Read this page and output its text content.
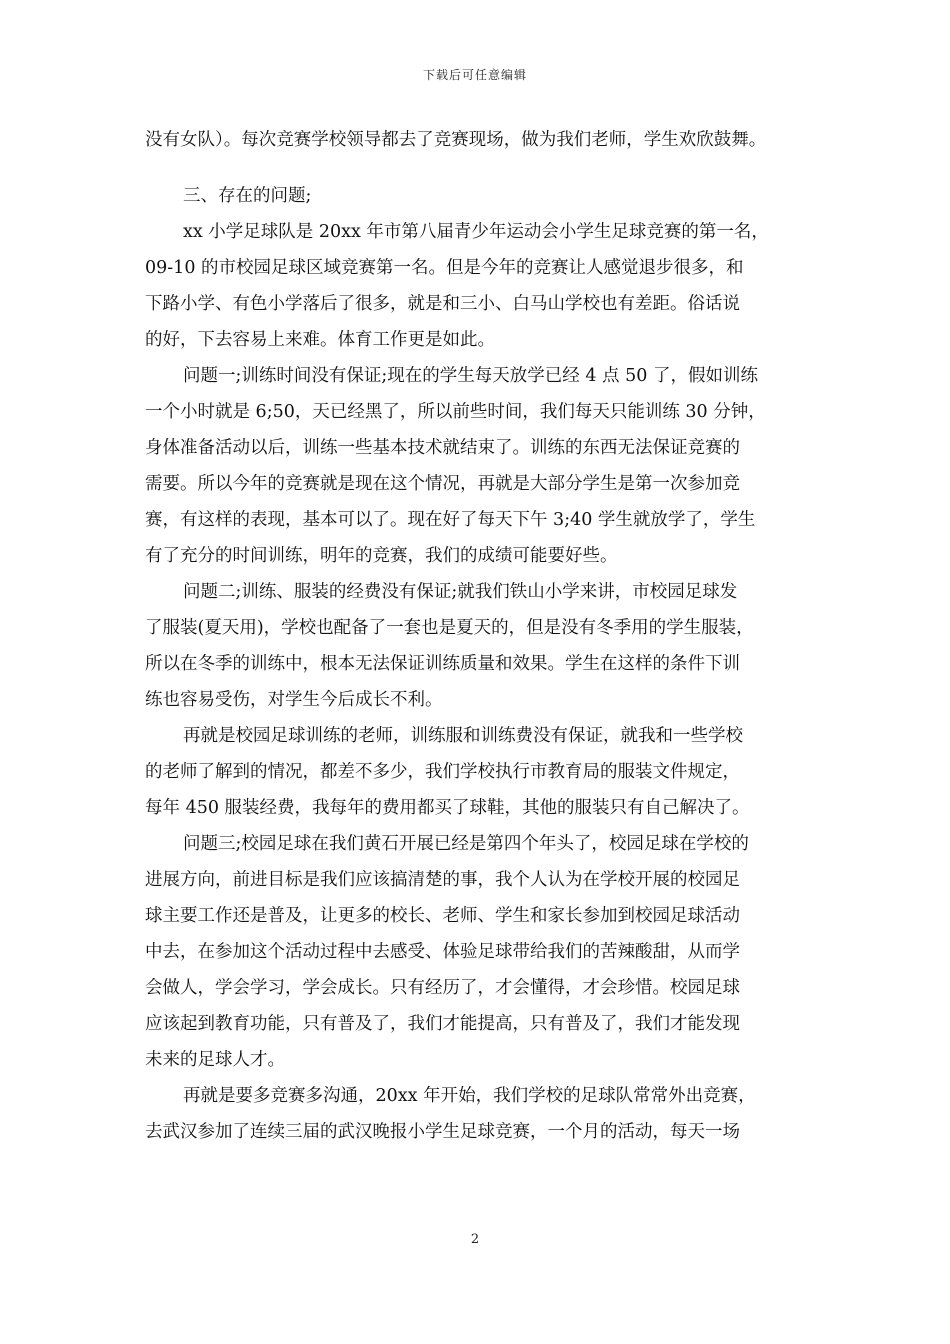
下载后可任意编辑
没有女队）。每次竞赛学校领导都去了竞赛现场，做为我们老师，学生欢欣鼓舞。
三、存在的问题;
xx 小学足球队是 20xx 年市第八届青少年运动会小学生足球竞赛的第一名，
09-10 的市校园足球区域竞赛第一名。但是今年的竞赛让人感觉退步很多，和
下路小学、有色小学落后了很多，就是和三小、白马山学校也有差距。俗话说
的好，下去容易上来难。体育工作更是如此。
问题一;训练时间没有保证;现在的学生每天放学已经 4 点 50 了，假如训练
一个小时就是 6;50，天已经黑了，所以前些时间，我们每天只能训练 30 分钟，
身体准备活动以后，训练一些基本技术就结束了。训练的东西无法保证竞赛的
需要。所以今年的竞赛就是现在这个情况，再就是大部分学生是第一次参加竞
赛，有这样的表现，基本可以了。现在好了每天下午 3;40 学生就放学了，学生
有了充分的时间训练，明年的竞赛，我们的成绩可能要好些。
问题二;训练、服装的经费没有保证;就我们铁山小学来讲，市校园足球发
了服装(夏天用)，学校也配备了一套也是夏天的，但是没有冬季用的学生服装，
所以在冬季的训练中，根本无法保证训练质量和效果。学生在这样的条件下训
练也容易受伤，对学生今后成长不利。
再就是校园足球训练的老师，训练服和训练费没有保证，就我和一些学校
的老师了解到的情况，都差不多少，我们学校执行市教育局的服装文件规定，
每年 450 服装经费，我每年的费用都买了球鞋，其他的服装只有自己解决了。
问题三;校园足球在我们黄石开展已经是第四个年头了，校园足球在学校的
进展方向，前进目标是我们应该搞清楚的事，我个人认为在学校开展的校园足
球主要工作还是普及，让更多的校长、老师、学生和家长参加到校园足球活动
中去，在参加这个活动过程中去感受、体验足球带给我们的苦辣酸甜，从而学
会做人，学会学习，学会成长。只有经历了，才会懂得，才会珍惜。校园足球
应该起到教育功能，只有普及了，我们才能提高，只有普及了，我们才能发现
未来的足球人才。
再就是要多竞赛多沟通，20xx 年开始，我们学校的足球队常常外出竞赛，
去武汉参加了连续三届的武汉晚报小学生足球竞赛，一个月的活动，每天一场
2
